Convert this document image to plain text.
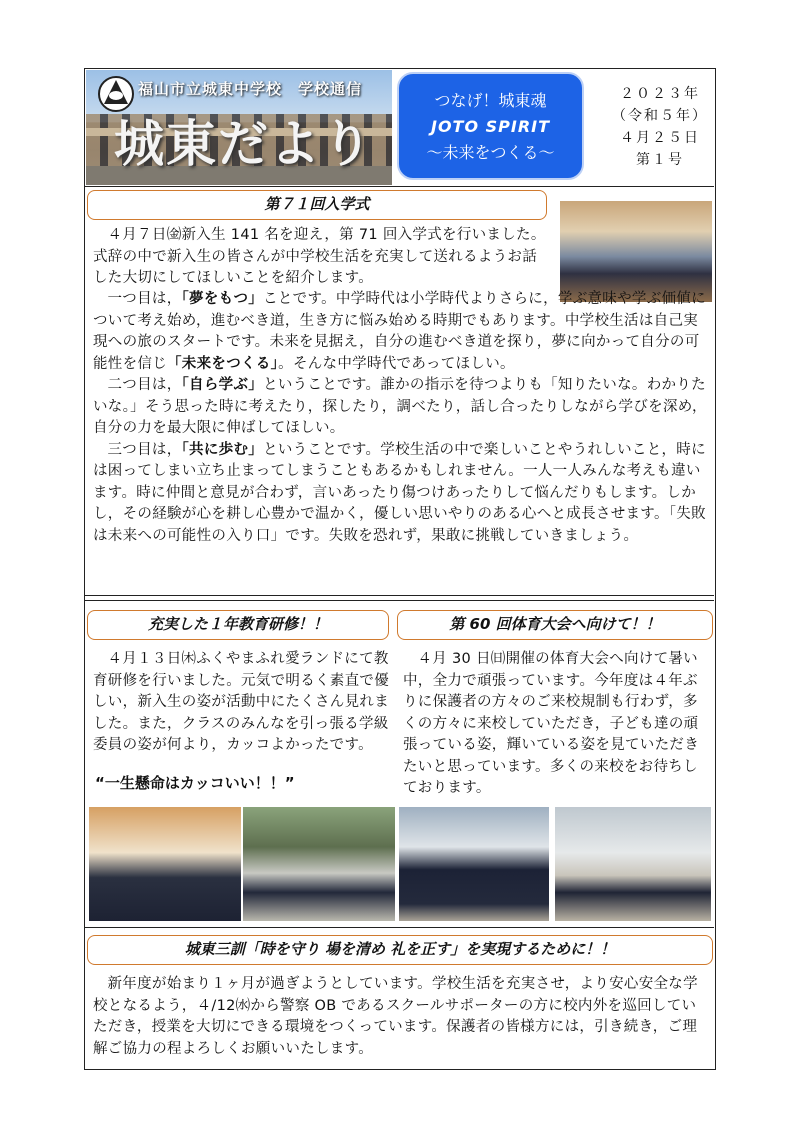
福山市立城東中学校　学校通信
城東だより
つなげ！城東魂
JOTO SPIRIT
〜未来をつくる〜
２０２３年
（令和５年）
４月２５日
第１号
第７１回入学式

４月７日㈮新入生 141 名を迎え，第 71 回入学式を行いました。式辞の中で新入生の皆さんが中学校生活を充実して送れるようお話した大切にしてほしいことを紹介します。

一つ目は，「夢をもつ」ことです。中学時代は小学時代よりさらに，学ぶ意味や学ぶ価値について考え始め，進むべき道，生き方に悩み始める時期でもあります。中学校生活は自己実現への旅のスタートです。未来を見据え，自分の進むべき道を探り，夢に向かって自分の可能性を信じ「未来をつくる」。そんな中学時代であってほしい。

二つ目は，「自ら学ぶ」ということです。誰かの指示を待つよりも「知りたいな。わかりたいな。」そう思った時に考えたり，探したり，調べたり，話し合ったりしながら学びを深め，自分の力を最大限に伸ばしてほしい。

三つ目は，「共に歩む」ということです。学校生活の中で楽しいことやうれしいこと，時には困ってしまい立ち止まってしまうこともあるかもしれません。一人一人みんな考えも違います。時に仲間と意見が合わず，言いあったり傷つけあったりして悩んだりもします。しかし，その経験が心を耕し心豊かで温かく，優しい思いやりのある心へと成長させます。「失敗は未来への可能性の入り口」です。失敗を恐れず，果敢に挑戦していきましょう。

充実した１年教育研修！！

４月１３日㈭ふくやまふれ愛ランドにて教育研修を行いました。元気で明るく素直で優しい，新入生の姿が活動中にたくさん見れました。また，クラスのみんなを引っ張る学級委員の姿が何より，カッコよかったです。

“一生懸命はカッコいい！！”
第 60 回体育大会へ向けて！！

４月 30 日㈰開催の体育大会へ向けて暑い中，全力で頑張っています。今年度は４年ぶりに保護者の方々のご来校規制も行わず，多くの方々に来校していただき，子ども達の頑張っている姿，輝いている姿を見ていただきたいと思っています。多くの来校をお待ちしております。

城東三訓「時を守り 場を清め 礼を正す」を実現するために！！

新年度が始まり１ヶ月が過ぎようとしています。学校生活を充実させ，より安心安全な学校となるよう，４/12㈬から警察 OB であるスクールサポーターの方に校内外を巡回していただき，授業を大切にできる環境をつくっています。保護者の皆様方には，引き続き，ご理解ご協力の程よろしくお願いいたします。
